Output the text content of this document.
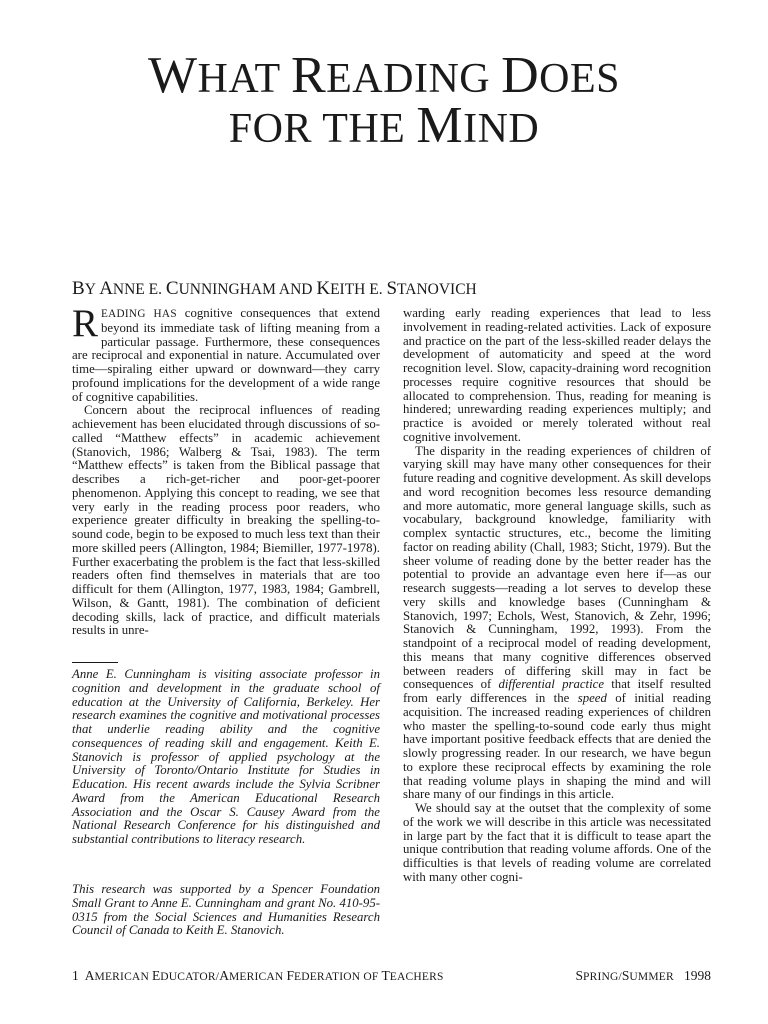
WHAT READING DOES
FOR THE MIND

BY ANNE E. CUNNINGHAM AND KEITH E. STANOVICH

READING HAS cognitive consequences that extend beyond its immediate task of lifting meaning from a particular passage. Furthermore, these consequences are reciprocal and exponential in nature. Accumulated over time—spiraling either upward or downward—they carry profound implications for the development of a wide range of cognitive capabilities.

Concern about the reciprocal influences of reading achievement has been elucidated through discussions of so-called “Matthew effects” in academic achievement (Stanovich, 1986; Walberg & Tsai, 1983). The term “Matthew effects” is taken from the Biblical passage that describes a rich-get-richer and poor-get-poorer phenomenon. Applying this concept to reading, we see that very early in the reading process poor readers, who experience greater difficulty in breaking the spelling-to-sound code, begin to be exposed to much less text than their more skilled peers (Allington, 1984; Biemiller, 1977-1978). Further exacerbating the problem is the fact that less-skilled readers often find themselves in materials that are too difficult for them (Allington, 1977, 1983, 1984; Gambrell, Wilson, & Gantt, 1981). The combination of deficient decoding skills, lack of practice, and difficult materials results in unre-

Anne E. Cunningham is visiting associate professor in cognition and development in the graduate school of education at the University of California, Berkeley. Her research examines the cognitive and motivational processes that underlie reading ability and the cognitive consequences of reading skill and engagement. Keith E. Stanovich is professor of applied psychology at the University of Toronto/Ontario Institute for Studies in Education. His recent awards include the Sylvia Scribner Award from the American Educational Research Association and the Oscar S. Causey Award from the National Research Conference for his distinguished and substantial contributions to literacy research.
This research was supported by a Spencer Foundation Small Grant to Anne E. Cunningham and grant No. 410-95-0315 from the Social Sciences and Humanities Research Council of Canada to Keith E. Stanovich.

warding early reading experiences that lead to less involvement in reading-related activities. Lack of exposure and practice on the part of the less-skilled reader delays the development of automaticity and speed at the word recognition level. Slow, capacity-draining word recognition processes require cognitive resources that should be allocated to comprehension. Thus, reading for meaning is hindered; unrewarding reading experiences multiply; and practice is avoided or merely tolerated without real cognitive involvement.

The disparity in the reading experiences of children of varying skill may have many other consequences for their future reading and cognitive development. As skill develops and word recognition becomes less resource demanding and more automatic, more general language skills, such as vocabulary, background knowledge, familiarity with complex syntactic structures, etc., become the limiting factor on reading ability (Chall, 1983; Sticht, 1979). But the sheer volume of reading done by the better reader has the potential to provide an advantage even here if—as our research suggests—reading a lot serves to develop these very skills and knowledge bases (Cunningham & Stanovich, 1997; Echols, West, Stanovich, & Zehr, 1996; Stanovich & Cunningham, 1992, 1993). From the standpoint of a reciprocal model of reading development, this means that many cognitive differences observed between readers of differing skill may in fact be consequences of differential practice that itself resulted from early differences in the speed of initial reading acquisition. The increased reading experiences of children who master the spelling-to-sound code early thus might have important positive feedback effects that are denied the slowly progressing reader. In our research, we have begun to explore these reciprocal effects by examining the role that reading volume plays in shaping the mind and will share many of our findings in this article.

We should say at the outset that the complexity of some of the work we will describe in this article was necessitated in large part by the fact that it is difficult to tease apart the unique contribution that reading volume affords. One of the difficulties is that levels of reading volume are correlated with many other cogni-

1 AMERICAN EDUCATOR/AMERICAN FEDERATION OF TEACHERS	SPRING/SUMMER 1998
